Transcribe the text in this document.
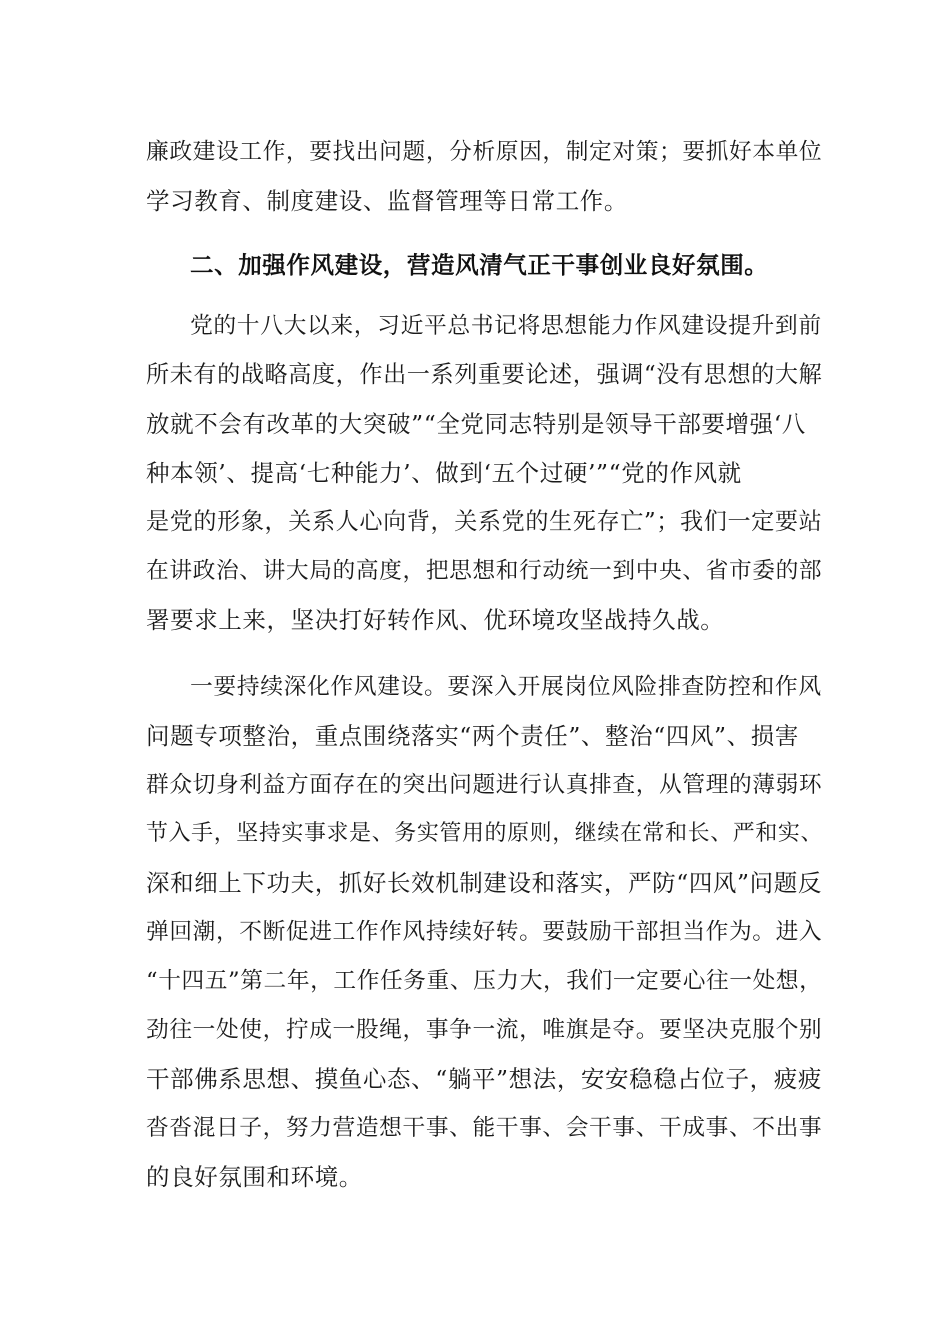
廉政建设工作，要找出问题，分析原因，制定对策；要抓好本单位

学习教育、制度建设、监督管理等日常工作。

二、加强作风建设，营造风清气正干事创业良好氛围。

党的十八大以来，习近平总书记将思想能力作风建设提升到前

所未有的战略高度，作出一系列重要论述，强调“没有思想的大解

放就不会有改革的大突破”“全党同志特别是领导干部要增强‘八

种本领’、提高‘七种能力’、做到‘五个过硬’”“党的作风就

是党的形象，关系人心向背，关系党的生死存亡”；我们一定要站

在讲政治、讲大局的高度，把思想和行动统一到中央、省市委的部

署要求上来，坚决打好转作风、优环境攻坚战持久战。

一要持续深化作风建设。要深入开展岗位风险排查防控和作风

问题专项整治，重点围绕落实“两个责任”、整治“四风”、损害

群众切身利益方面存在的突出问题进行认真排查，从管理的薄弱环

节入手，坚持实事求是、务实管用的原则，继续在常和长、严和实、

深和细上下功夫，抓好长效机制建设和落实，严防“四风”问题反

弹回潮，不断促进工作作风持续好转。要鼓励干部担当作为。进入

“十四五”第二年，工作任务重、压力大，我们一定要心往一处想，

劲往一处使，拧成一股绳，事争一流，唯旗是夺。要坚决克服个别

干部佛系思想、摸鱼心态、“躺平”想法，安安稳稳占位子，疲疲

沓沓混日子，努力营造想干事、能干事、会干事、干成事、不出事

的良好氛围和环境。
